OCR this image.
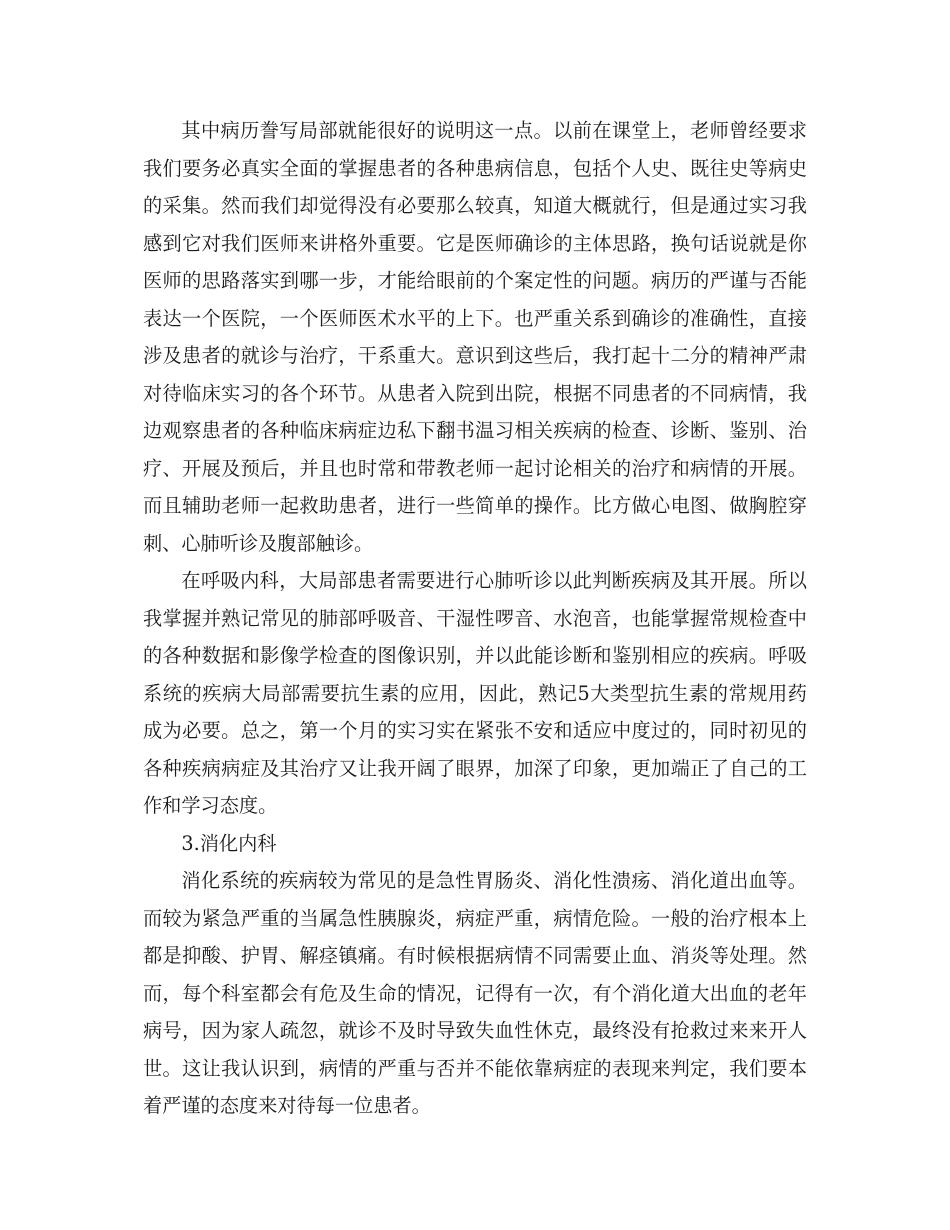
其中病历誊写局部就能很好的说明这一点。以前在课堂上，老师曾经要求我们要务必真实全面的掌握患者的各种患病信息，包括个人史、既往史等病史的采集。然而我们却觉得没有必要那么较真，知道大概就行，但是通过实习我感到它对我们医师来讲格外重要。它是医师确诊的主体思路，换句话说就是你医师的思路落实到哪一步，才能给眼前的个案定性的问题。病历的严谨与否能表达一个医院，一个医师医术水平的上下。也严重关系到确诊的准确性，直接涉及患者的就诊与治疗，干系重大。意识到这些后，我打起十二分的精神严肃对待临床实习的各个环节。从患者入院到出院，根据不同患者的不同病情，我边观察患者的各种临床病症边私下翻书温习相关疾病的检查、诊断、鉴别、治疗、开展及预后，并且也时常和带教老师一起讨论相关的治疗和病情的开展。而且辅助老师一起救助患者，进行一些简单的操作。比方做心电图、做胸腔穿刺、心肺听诊及腹部触诊。

在呼吸内科，大局部患者需要进行心肺听诊以此判断疾病及其开展。所以我掌握并熟记常见的肺部呼吸音、干湿性啰音、水泡音，也能掌握常规检查中的各种数据和影像学检查的图像识别，并以此能诊断和鉴别相应的疾病。呼吸系统的疾病大局部需要抗生素的应用，因此，熟记5大类型抗生素的常规用药成为必要。总之，第一个月的实习实在紧张不安和适应中度过的，同时初见的各种疾病病症及其治疗又让我开阔了眼界，加深了印象，更加端正了自己的工作和学习态度。

3.消化内科

消化系统的疾病较为常见的是急性胃肠炎、消化性溃疡、消化道出血等。而较为紧急严重的当属急性胰腺炎，病症严重，病情危险。一般的治疗根本上都是抑酸、护胃、解痉镇痛。有时候根据病情不同需要止血、消炎等处理。然而，每个科室都会有危及生命的情况，记得有一次，有个消化道大出血的老年病号，因为家人疏忽，就诊不及时导致失血性休克，最终没有抢救过来来开人世。这让我认识到，病情的严重与否并不能依靠病症的表现来判定，我们要本着严谨的态度来对待每一位患者。
